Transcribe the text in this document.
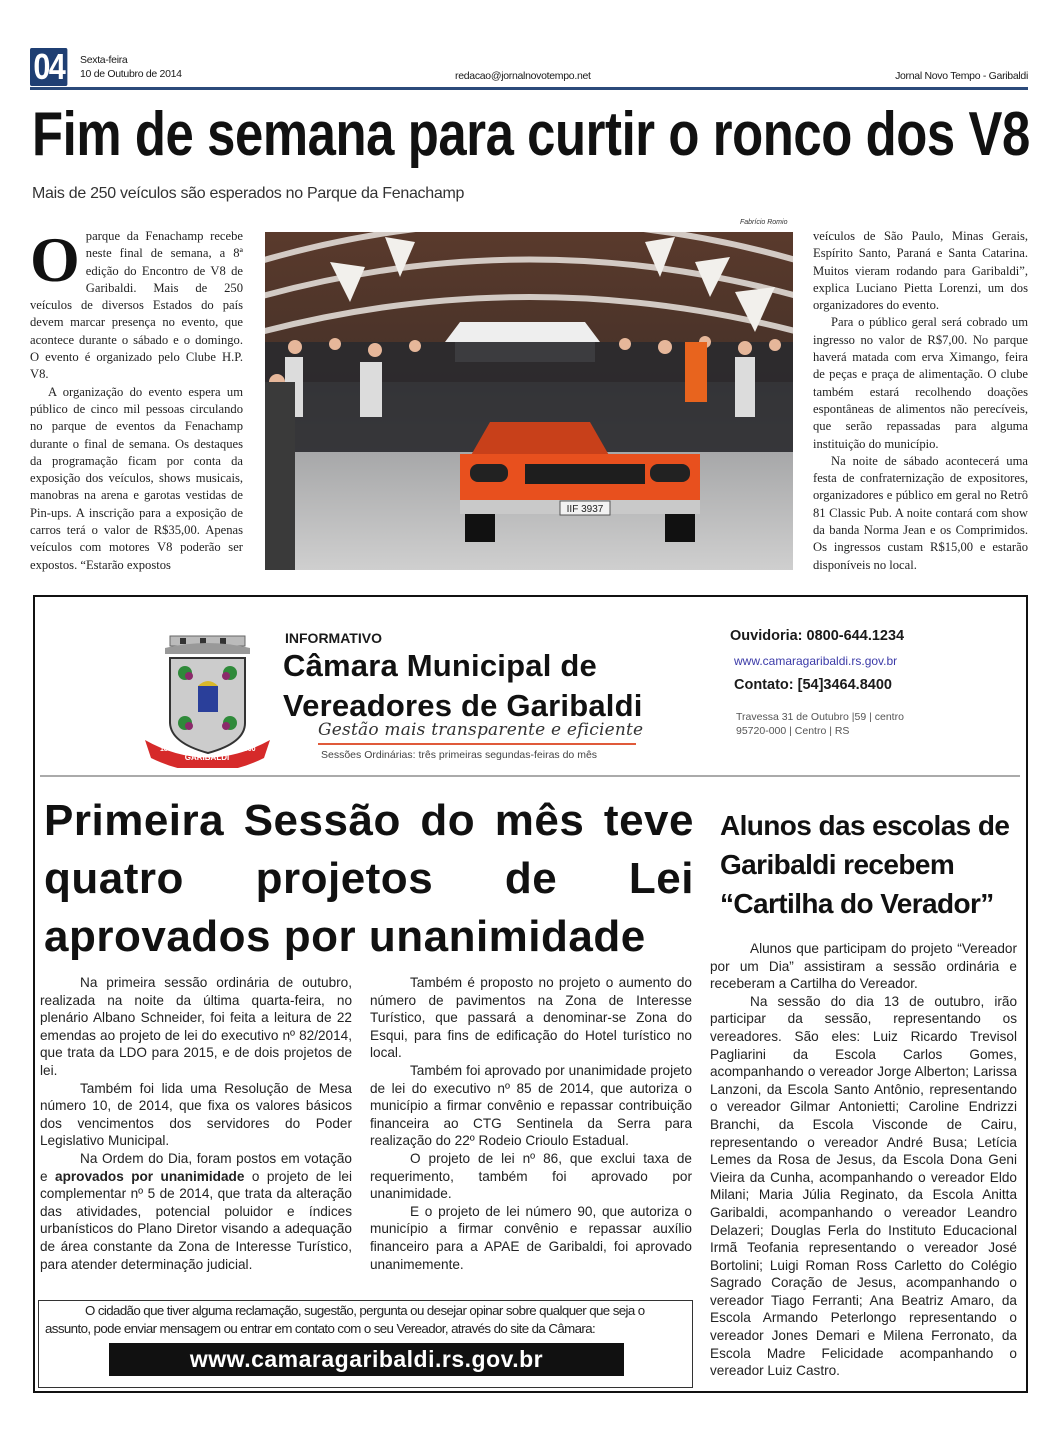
04	Sexta-feira
10 de Outubro de 2014	redacao@jornalnovotempo.net	Jornal Novo Tempo - Garibaldi
Fim de semana para curtir o ronco dos V8
Mais de 250 veículos são esperados no Parque da Fenachamp
O parque da Fenachamp recebe neste final de semana, a 8ª edição do Encontro de V8 de Garibaldi. Mais de 250 veículos de diversos Estados do país devem marcar presença no evento, que acontece durante o sábado e o domingo. O evento é organizado pelo Clube H.P. V8.

A organização do evento espera um público de cinco mil pessoas circulando no parque de eventos da Fenachamp durante o final de semana. Os destaques da programação ficam por conta da exposição dos veículos, shows musicais, manobras na arena e garotas vestidas de Pin-ups. A inscrição para a exposição de carros terá o valor de R$35,00. Apenas veículos com motores V8 poderão ser expostos. “Estarão expostos

Fabrício Romio
IIF 3937

veículos de São Paulo, Minas Gerais, Espírito Santo, Paraná e Santa Catarina. Muitos vieram rodando para Garibaldi”, explica Luciano Pietta Lorenzi, um dos organizadores do evento.

Para o público geral será cobrado um ingresso no valor de R$7,00. No parque haverá matada com erva Ximango, feira de peças e praça de alimentação. O clube também estará recolhendo doações espontâneas de alimentos não perecíveis, que serão repassadas para alguma instituição do município.

Na noite de sábado acontecerá uma festa de confraternização de expositores, organizadores e público em geral no Retrô 81 Classic Pub. A noite contará com show da banda Norma Jean e os Comprimidos. Os ingressos custam R$15,00 e estarão disponíveis no local.

1870
GARIBALDI
1900
INFORMATIVO
Câmara Municipal de
Vereadores de Garibaldi
Gestão mais transparente e eficiente
Sessões Ordinárias: três primeiras segundas-feiras do mês
Ouvidoria: 0800-644.1234
www.camaragaribaldi.rs.gov.br
Contato: [54]3464.8400
Travessa 31 de Outubro |59 | centro
95720-000 | Centro | RS
Primeira Sessão do mês teve quatro projetos de Lei aprovados por unanimidade
Alunos das escolas de Garibaldi recebem “Cartilha do Verador”

Na primeira sessão ordinária de outubro, realizada na noite da última quarta-feira, no plenário Albano Schneider, foi feita a leitura de 22 emendas ao projeto de lei do executivo nº 82/2014, que trata da LDO para 2015, e de dois projetos de lei.

Também foi lida uma Resolução de Mesa número 10, de 2014, que fixa os valores básicos dos vencimentos dos servidores do Poder Legislativo Municipal.

Na Ordem do Dia, foram postos em votação e aprovados por unanimidade o projeto de lei complementar nº 5 de 2014, que trata da alteração das atividades, potencial poluidor e índices urbanísticos do Plano Diretor visando a adequação de área constante da Zona de Interesse Turístico, para atender determinação judicial.

Também é proposto no projeto o aumento do número de pavimentos na Zona de Interesse Turístico, que passará a denominar-se Zona do Esqui, para fins de edificação do Hotel turístico no local.

Também foi aprovado por unanimidade projeto de lei do executivo nº 85 de 2014, que autoriza o município a firmar convênio e repassar contribuição financeira ao CTG Sentinela da Serra para realização do 22º Rodeio Crioulo Estadual.

O projeto de lei nº 86, que exclui taxa de requerimento, também foi aprovado por unanimidade.

E o projeto de lei número 90, que autoriza o município a firmar convênio e repassar auxílio financeiro para a APAE de Garibaldi, foi aprovado unanimemente.

Alunos que participam do projeto “Vereador por um Dia” assistiram a sessão ordinária e receberam a Cartilha do Vereador.

Na sessão do dia 13 de outubro, irão participar da sessão, representando os vereadores. São eles: Luiz Ricardo Trevisol Pagliarini da Escola Carlos Gomes, acompanhando o vereador Jorge Alberton; Larissa Lanzoni, da Escola Santo Antônio, representando o vereador Gilmar Antonietti; Caroline Endrizzi Branchi, da Escola Visconde de Cairu, representando o vereador André Busa; Letícia Lemes da Rosa de Jesus, da Escola Dona Geni Vieira da Cunha, acompanhando o vereador Eldo Milani; Maria Júlia Reginato, da Escola Anitta Garibaldi, acompanhando o vereador Leandro Delazeri; Douglas Ferla do Instituto Educacional Irmã Teofania representando o vereador José Bortolini; Luigi Roman Ross Carletto do Colégio Sagrado Coração de Jesus, acompanhando o vereador Tiago Ferranti; Ana Beatriz Amaro, da Escola Armando Peterlongo representando o vereador Jones Demari e Milena Ferronato, da Escola Madre Felicidade acompanhando o vereador Luiz Castro.

O cidadão que tiver alguma reclamação, sugestão, pergunta ou desejar opinar sobre qualquer que seja o assunto, pode enviar mensagem ou entrar em contato com o seu Vereador, através do site da Câmara:

www.camaragaribaldi.rs.gov.br
